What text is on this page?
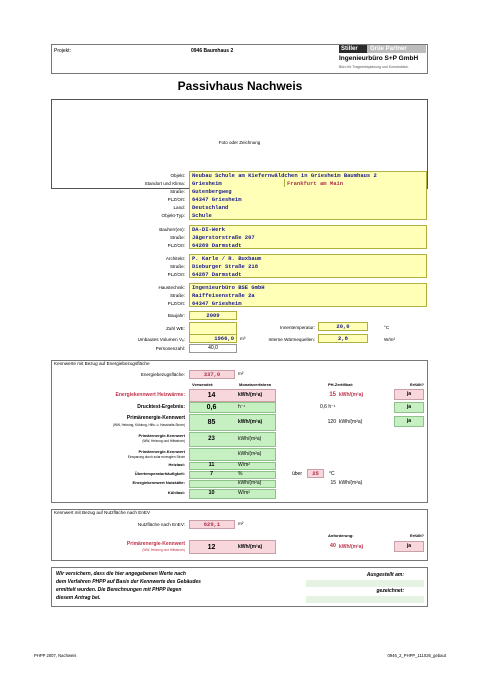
Projekt:	0946 Baumhaus 2	Stiller Grüe Partner
Ingenieurbüro S+P GmbH
Büro für Tragwerksplanung und Konstruktion
Passivhaus Nachweis
Foto oder Zeichnung
Objekt: Neubau Schule am Kiefernwäldchen in Griesheim Baumhaus 2
Standort und Klima: Griesheim	Frankfurt am Main
Straße: Gutenbergweg
PLZ/Ort: 64347 Griesheim
Land: Deutschland
Objekt-Typ: Schule
Bauherr(en): DA-DI-Werk
Straße: Jägerstorstraße 207
PLZ/Ort: 64289 Darmstadt
Architekt: P. Karle / R. Buxbaum
Straße: Dieburger Straße 218
PLZ/Ort: 64287 Darmstadt
Haustechnik: Ingenieurbüro BSE GmbH
Straße: Raiffeisenstraße 2a
PLZ/Ort: 64347 Griesheim
Baujahr:	2009
Zahl WE:
Umbautes Volumen Vₑ:	1966,0 m³
Personenzahl:	40,0
Innentemperatur:	20,0	°C
Interne Wärmequellen:	2,8	W/m²
Kennwerte mit Bezug auf Energiebezugsfläche
Energiebezugsfläche:	337,0	m²
Verwendet:	Monatsverfahren	PH-Zertifikat:	Erfüllt?
Energiekennwert Heizwärme:	14	kWh/(m²a)	15 kWh/(m²a)	ja
Drucktest-Ergebnis:	0,6	h⁻¹	0,6 h⁻¹	ja
Primärenergie-Kennwert
(WW, Heizung, Kühlung, Hilfs- u. Haushalts-Strom)	85	kWh/(m²a)	120 kWh/(m²a)	ja
Primärenergie-Kennwert
(WW, Heizung und Hilfsstrom)	23	kWh/(m²a)
Primärenergie-Kennwert
Einsparung durch solar erzeugten Strom	kWh/(m²a)
Heizlast:	11	W/m²
Übertemperaturhäufigkeit:	7	%	über	25	°C
Energiekennwert Nutzkälte:	kWh/(m²a)	15 kWh/(m²a)
Kühllast:	10	W/m²
Kennwert mit Bezug auf Nutzfläche nach EnEV
Nutzfläche nach EnEV:	629,1	m²
Anforderung:	Erfüllt?
Primärenergie-Kennwert
(WW, Heizung und Hilfsstrom)	12	kWh/(m²a)	40 kWh/(m²a)	ja
Wir versichern, dass die hier angegebenen Werte nach
dem Verfahren PHPP auf Basis der Kennwerte des Gebäudes
ermittelt wurden. Die Berechnungen mit PHPP liegen
diesem Antrag bei.
Ausgestellt am:
gezeichnet:
PHPP 2007, Nachweis	0946_2_PHPP_111026_gebaut
